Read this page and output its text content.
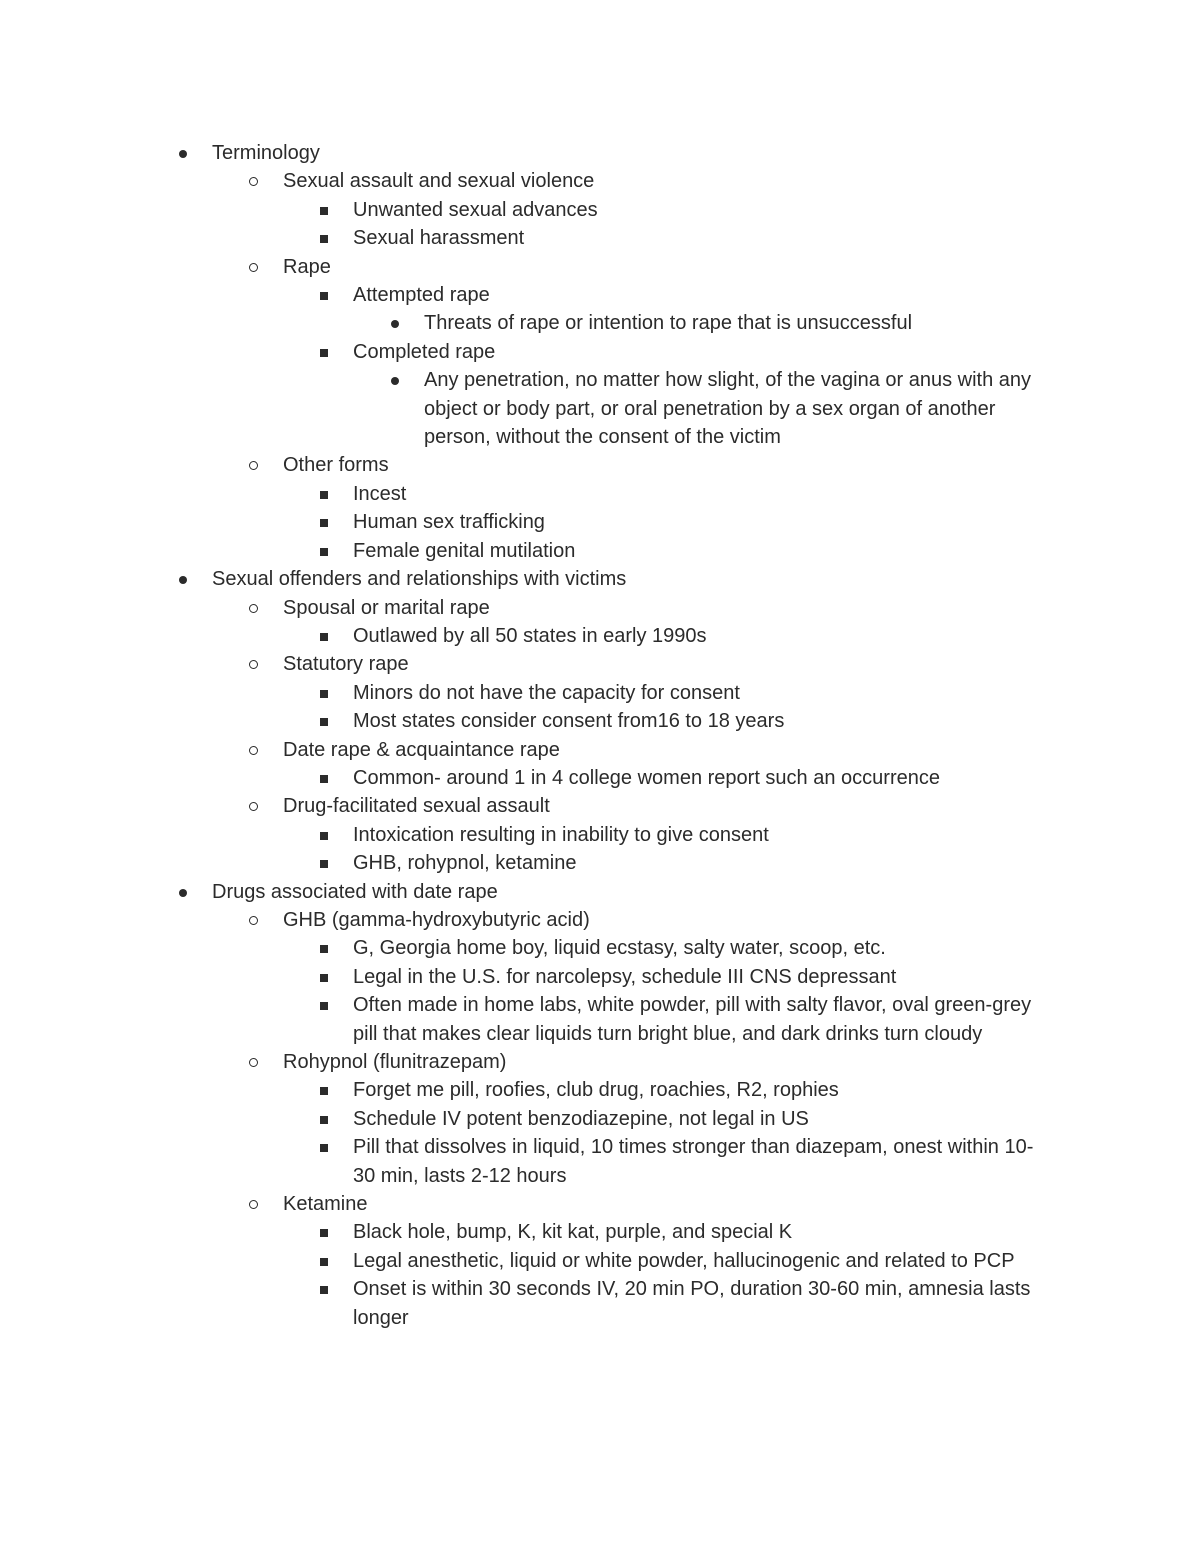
Terminology
Sexual assault and sexual violence
Unwanted sexual advances
Sexual harassment
Rape
Attempted rape
Threats of rape or intention to rape that is unsuccessful
Completed rape
Any penetration, no matter how slight, of the vagina or anus with any object or body part, or oral penetration by a sex organ of another person, without the consent of the victim
Other forms
Incest
Human sex trafficking
Female genital mutilation
Sexual offenders and relationships with victims
Spousal or marital rape
Outlawed by all 50 states in early 1990s
Statutory rape
Minors do not have the capacity for consent
Most states consider consent from16 to 18 years
Date rape & acquaintance rape
Common- around 1 in 4 college women report such an occurrence
Drug-facilitated sexual assault
Intoxication resulting in inability to give consent
GHB, rohypnol, ketamine
Drugs associated with date rape
GHB (gamma-hydroxybutyric acid)
G, Georgia home boy, liquid ecstasy, salty water, scoop, etc.
Legal in the U.S. for narcolepsy, schedule III CNS depressant
Often made in home labs, white powder, pill with salty flavor, oval green-grey pill that makes clear liquids turn bright blue, and dark drinks turn cloudy
Rohypnol (flunitrazepam)
Forget me pill, roofies, club drug, roachies, R2, rophies
Schedule IV potent benzodiazepine, not legal in US
Pill that dissolves in liquid, 10 times stronger than diazepam, onest within 10-30 min, lasts 2-12 hours
Ketamine
Black hole, bump, K, kit kat, purple, and special K
Legal anesthetic, liquid or white powder, hallucinogenic and related to PCP
Onset is within 30 seconds IV, 20 min PO, duration 30-60 min, amnesia lasts longer
